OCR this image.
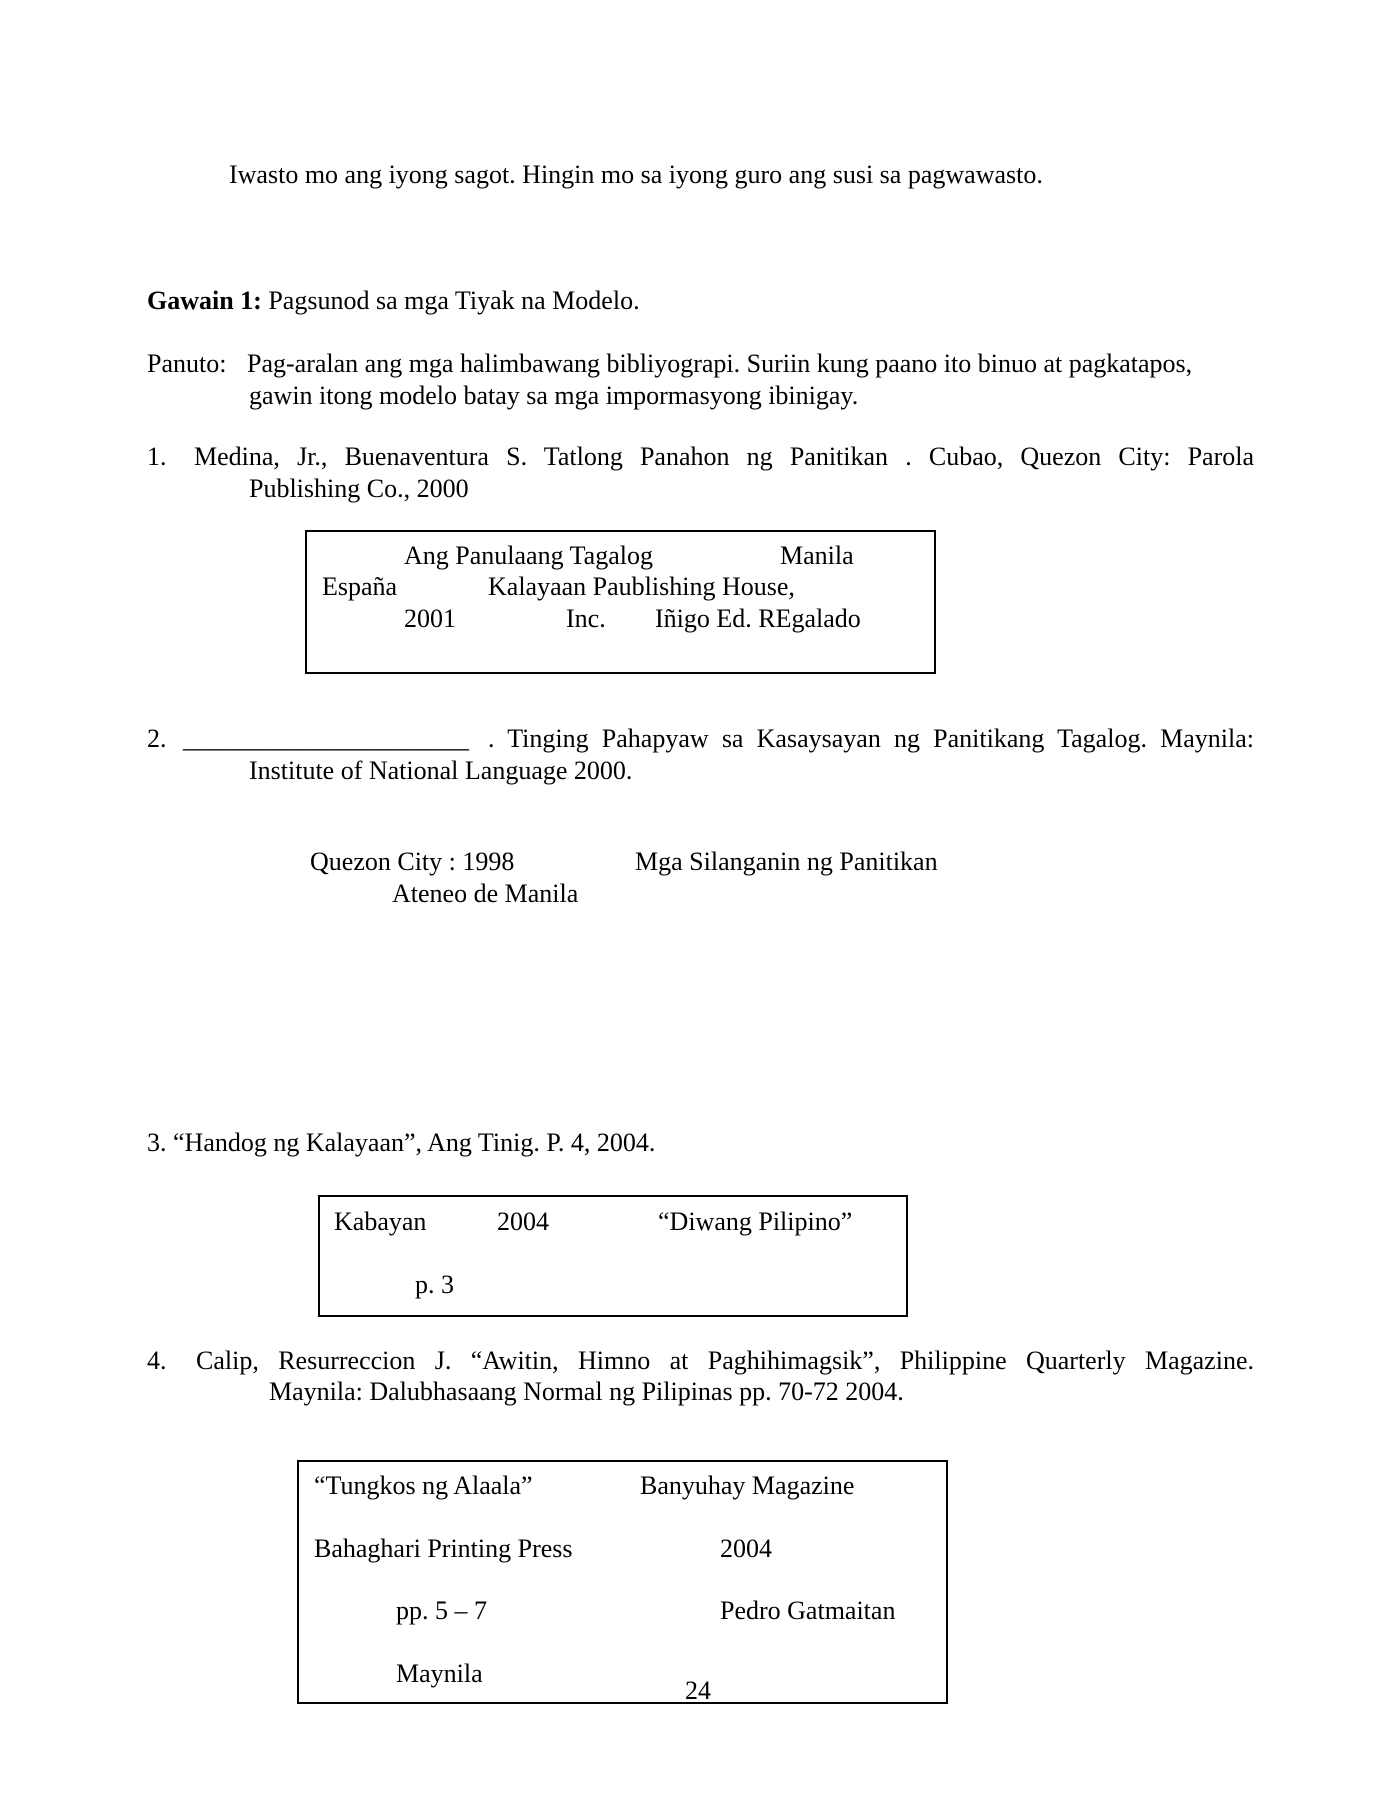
Iwasto mo ang iyong sagot. Hingin mo sa iyong guro ang susi sa pagwawasto.
Gawain 1: Pagsunod sa mga Tiyak na Modelo.
Panuto: Pag-aralan ang mga halimbawang bibliyograpi. Suriin kung paano ito binuo at pagkatapos,
gawin itong modelo batay sa mga impormasyong ibinigay.
1. Medina, Jr., Buenaventura S. Tatlong Panahon ng Panitikan . Cubao, Quezon City: Parola
Publishing Co., 2000
Ang Panulaang Tagalog	Manila
España	Kalayaan Paublishing House,
2001	Inc. Iñigo Ed. REgalado
2. ______________________ . Tinging Pahapyaw sa Kasaysayan ng Panitikang Tagalog. Maynila:
Institute of National Language 2000.
Quezon City : 1998	Mga Silanganin ng Panitikan
Ateneo de Manila
3. “Handog ng Kalayaan”, Ang Tinig. P. 4, 2004.
Kabayan	2004	“Diwang Pilipino”
p. 3
4. Calip, Resurreccion J. “Awitin, Himno at Paghihimagsik”, Philippine Quarterly Magazine.
Maynila: Dalubhasaang Normal ng Pilipinas pp. 70-72 2004.
“Tungkos ng Alaala”	Banyuhay Magazine
Bahaghari Printing Press	2004
pp. 5 – 7	Pedro Gatmaitan
Maynila
24
